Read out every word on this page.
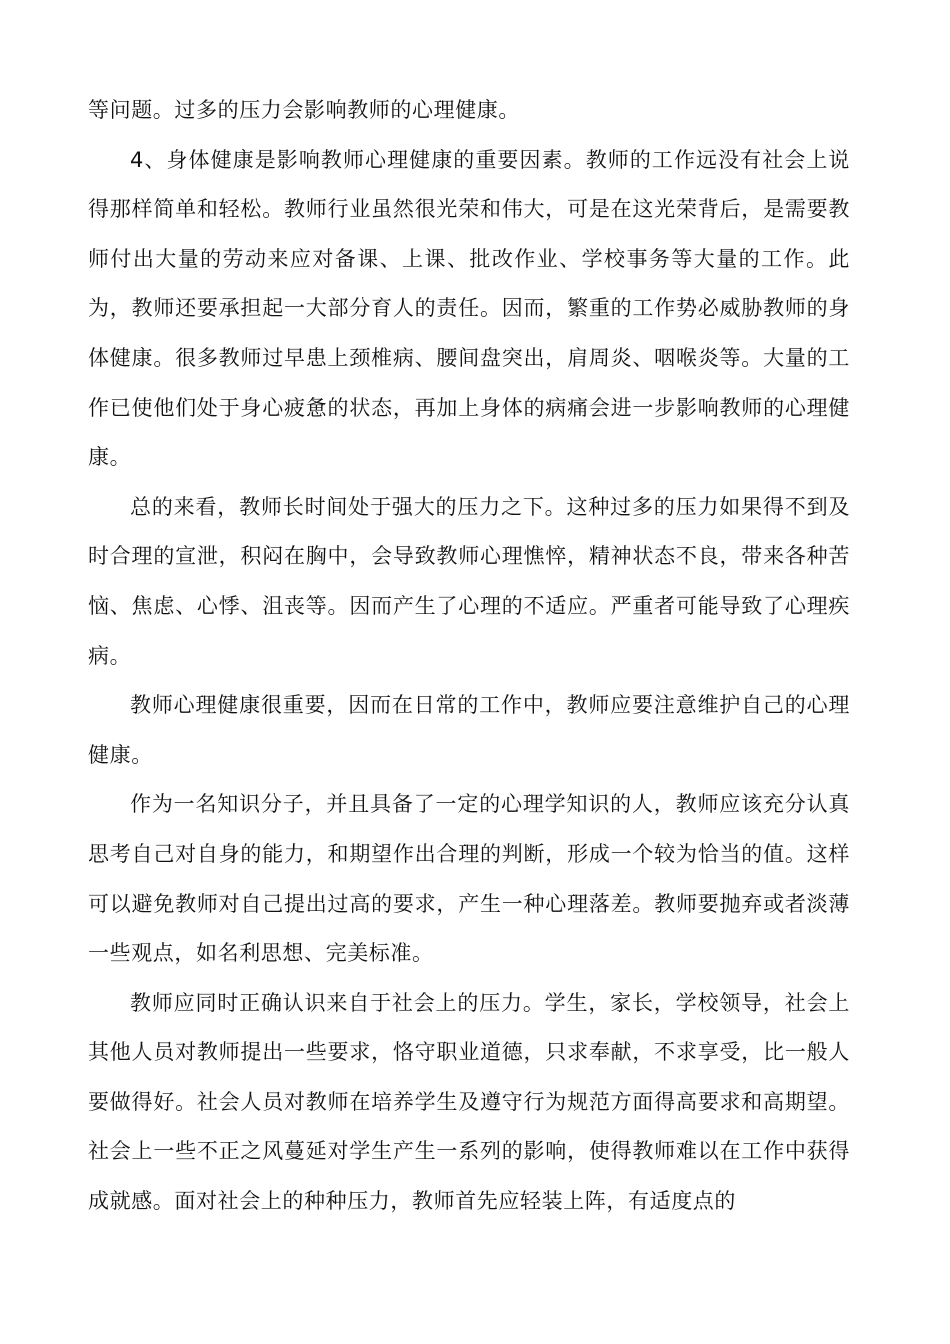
等问题。过多的压力会影响教师的心理健康。

4、身体健康是影响教师心理健康的重要因素。教师的工作远没有社会上说得那样简单和轻松。教师行业虽然很光荣和伟大，可是在这光荣背后，是需要教师付出大量的劳动来应对备课、上课、批改作业、学校事务等大量的工作。此为，教师还要承担起一大部分育人的责任。因而，繁重的工作势必威胁教师的身体健康。很多教师过早患上颈椎病、腰间盘突出，肩周炎、咽喉炎等。大量的工作已使他们处于身心疲惫的状态，再加上身体的病痛会进一步影响教师的心理健康。

总的来看，教师长时间处于强大的压力之下。这种过多的压力如果得不到及时合理的宣泄，积闷在胸中，会导致教师心理憔悴，精神状态不良，带来各种苦恼、焦虑、心悸、沮丧等。因而产生了心理的不适应。严重者可能导致了心理疾病。

教师心理健康很重要，因而在日常的工作中，教师应要注意维护自己的心理健康。

作为一名知识分子，并且具备了一定的心理学知识的人，教师应该充分认真思考自己对自身的能力，和期望作出合理的判断，形成一个较为恰当的值。这样可以避免教师对自己提出过高的要求，产生一种心理落差。教师要抛弃或者淡薄一些观点，如名利思想、完美标准。

教师应同时正确认识来自于社会上的压力。学生，家长，学校领导，社会上其他人员对教师提出一些要求，恪守职业道德，只求奉献，不求享受，比一般人要做得好。社会人员对教师在培养学生及遵守行为规范方面得高要求和高期望。社会上一些不正之风蔓延对学生产生一系列的影响，使得教师难以在工作中获得成就感。面对社会上的种种压力，教师首先应轻装上阵，有适度点的
